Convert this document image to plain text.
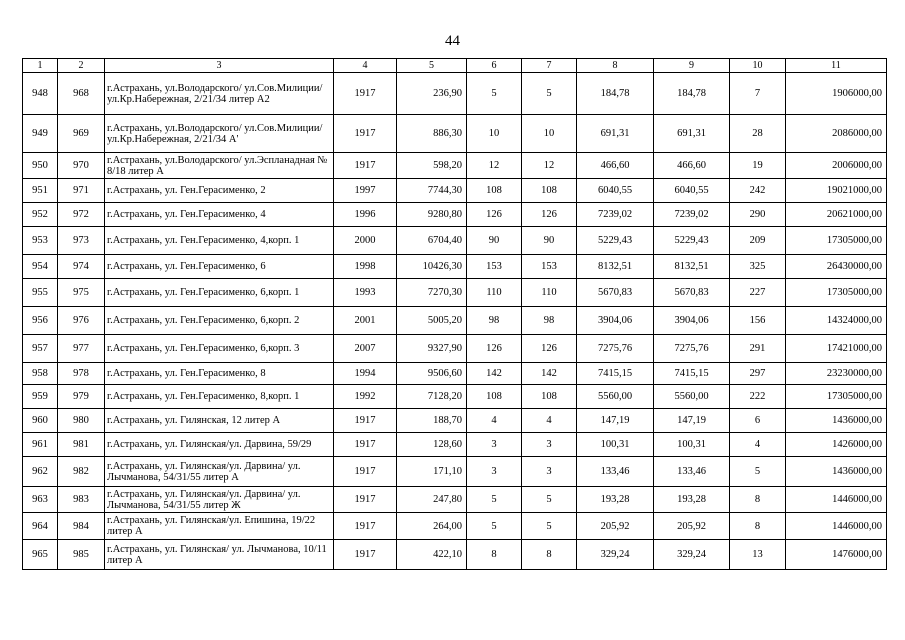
44
1	2	3	4	5	6	7	8	9	10	11
948	968	г.Астрахань, ул.Володарского/ ул.Сов.Милиции/ул.Кр.Набережная, 2/21/34 литер А2	1917	236,90	5	5	184,78	184,78	7	1906000,00
949	969	г.Астрахань, ул.Володарского/ ул.Сов.Милиции/ ул.Кр.Набережная, 2/21/34 А'	1917	886,30	10	10	691,31	691,31	28	2086000,00
950	970	г.Астрахань, ул.Володарского/ ул.Эспланадная № 8/18 литер А	1917	598,20	12	12	466,60	466,60	19	2006000,00
951	971	г.Астрахань, ул. Ген.Герасименко, 2	1997	7744,30	108	108	6040,55	6040,55	242	19021000,00
952	972	г.Астрахань, ул. Ген.Герасименко, 4	1996	9280,80	126	126	7239,02	7239,02	290	20621000,00
953	973	г.Астрахань, ул. Ген.Герасименко, 4,корп. 1	2000	6704,40	90	90	5229,43	5229,43	209	17305000,00
954	974	г.Астрахань, ул. Ген.Герасименко, 6	1998	10426,30	153	153	8132,51	8132,51	325	26430000,00
955	975	г.Астрахань, ул. Ген.Герасименко, 6,корп. 1	1993	7270,30	110	110	5670,83	5670,83	227	17305000,00
956	976	г.Астрахань, ул. Ген.Герасименко, 6,корп. 2	2001	5005,20	98	98	3904,06	3904,06	156	14324000,00
957	977	г.Астрахань, ул. Ген.Герасименко, 6,корп. 3	2007	9327,90	126	126	7275,76	7275,76	291	17421000,00
958	978	г.Астрахань, ул. Ген.Герасименко, 8	1994	9506,60	142	142	7415,15	7415,15	297	23230000,00
959	979	г.Астрахань, ул. Ген.Герасименко, 8,корп. 1	1992	7128,20	108	108	5560,00	5560,00	222	17305000,00
960	980	г.Астрахань, ул. Гилянская, 12 литер А	1917	188,70	4	4	147,19	147,19	6	1436000,00
961	981	г.Астрахань, ул. Гилянская/ул. Дарвина, 59/29	1917	128,60	3	3	100,31	100,31	4	1426000,00
962	982	г.Астрахань, ул. Гилянская/ул. Дарвина/ ул. Лычманова, 54/31/55 литер А	1917	171,10	3	3	133,46	133,46	5	1436000,00
963	983	г.Астрахань, ул. Гилянская/ул. Дарвина/ ул. Лычманова, 54/31/55 литер Ж	1917	247,80	5	5	193,28	193,28	8	1446000,00
964	984	г.Астрахань, ул. Гилянская/ул. Епишина, 19/22 литер А	1917	264,00	5	5	205,92	205,92	8	1446000,00
965	985	г.Астрахань, ул. Гилянская/ ул. Лычманова, 10/11 литер А	1917	422,10	8	8	329,24	329,24	13	1476000,00
